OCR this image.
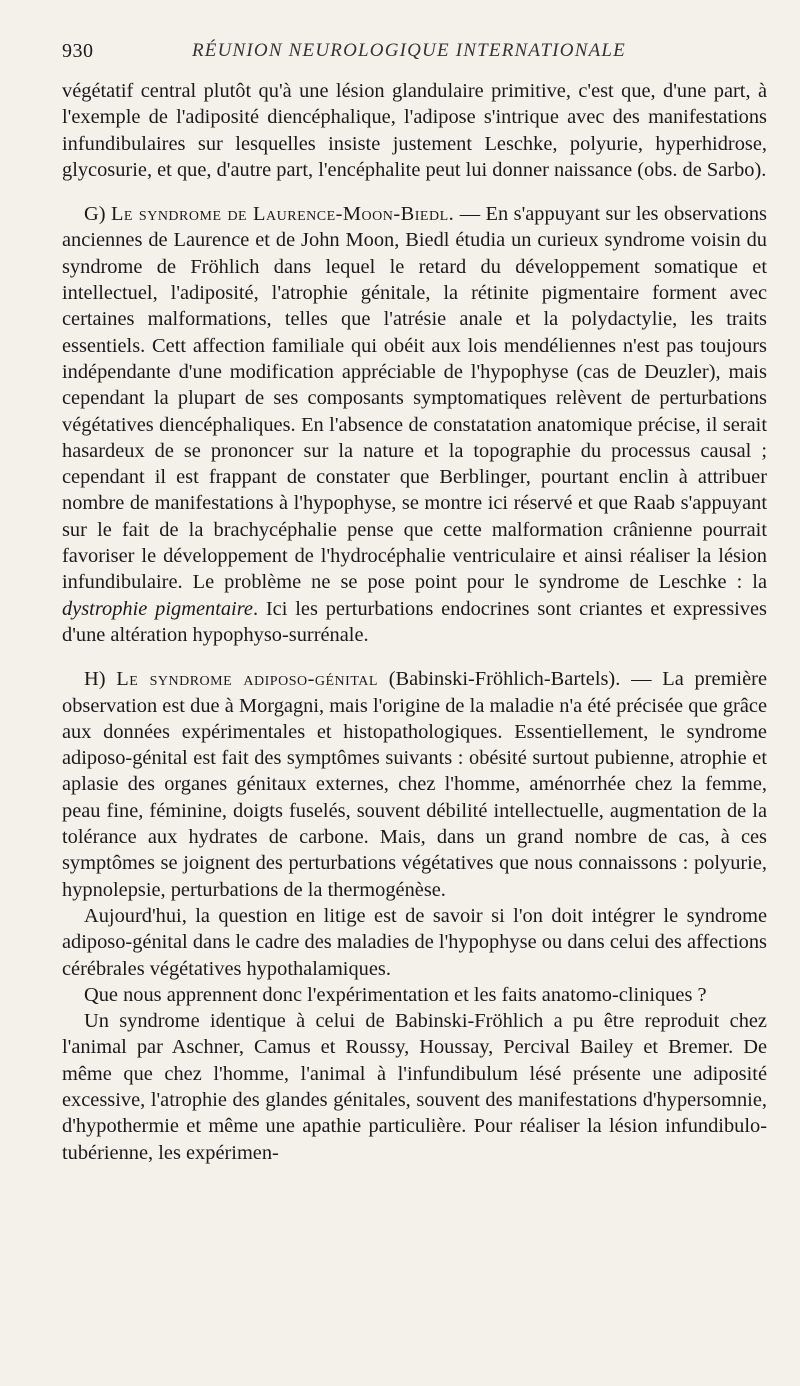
930	RÉUNION NEUROLOGIQUE INTERNATIONALE

végétatif central plutôt qu'à une lésion glandulaire primitive, c'est que, d'une part, à l'exemple de l'adiposité diencéphalique, l'adipose s'intrique avec des manifestations infundibulaires sur lesquelles insiste justement Leschke, polyurie, hyperhidrose, glycosurie, et que, d'autre part, l'encéphalite peut lui donner naissance (obs. de Sarbo).

G) Le syndrome de Laurence-Moon-Biedl. — En s'appuyant sur les observations anciennes de Laurence et de John Moon, Biedl étudia un curieux syndrome voisin du syndrome de Fröhlich dans lequel le retard du développement somatique et intellectuel, l'adiposité, l'atrophie génitale, la rétinite pigmentaire forment avec certaines malformations, telles que l'atrésie anale et la polydactylie, les traits essentiels. Cett affection familiale qui obéit aux lois mendéliennes n'est pas toujours indépendante d'une modification appréciable de l'hypophyse (cas de Deuzler), mais cependant la plupart de ses composants symptomatiques relèvent de perturbations végétatives diencéphaliques. En l'absence de constatation anatomique précise, il serait hasardeux de se prononcer sur la nature et la topographie du processus causal ; cependant il est frappant de constater que Berblinger, pourtant enclin à attribuer nombre de manifestations à l'hypophyse, se montre ici réservé et que Raab s'appuyant sur le fait de la brachycéphalie pense que cette malformation crânienne pourrait favoriser le développement de l'hydrocéphalie ventriculaire et ainsi réaliser la lésion infundibulaire. Le problème ne se pose point pour le syndrome de Leschke : la dystrophie pigmentaire. Ici les perturbations endocrines sont criantes et expressives d'une altération hypophyso-surrénale.

H) Le syndrome adiposo-génital (Babinski-Fröhlich-Bartels). — La première observation est due à Morgagni, mais l'origine de la maladie n'a été précisée que grâce aux données expérimentales et histopathologiques. Essentiellement, le syndrome adiposo-génital est fait des symptômes suivants : obésité surtout pubienne, atrophie et aplasie des organes génitaux externes, chez l'homme, aménorrhée chez la femme, peau fine, féminine, doigts fuselés, souvent débilité intellectuelle, augmentation de la tolérance aux hydrates de carbone. Mais, dans un grand nombre de cas, à ces symptômes se joignent des perturbations végétatives que nous connaissons : polyurie, hypnolepsie, perturbations de la thermogénèse.

Aujourd'hui, la question en litige est de savoir si l'on doit intégrer le syndrome adiposo-génital dans le cadre des maladies de l'hypophyse ou dans celui des affections cérébrales végétatives hypothalamiques.

Que nous apprennent donc l'expérimentation et les faits anatomo-cliniques ?

Un syndrome identique à celui de Babinski-Fröhlich a pu être reproduit chez l'animal par Aschner, Camus et Roussy, Houssay, Percival Bailey et Bremer. De même que chez l'homme, l'animal à l'infundibulum lésé présente une adiposité excessive, l'atrophie des glandes génitales, souvent des manifestations d'hypersomnie, d'hypothermie et même une apathie particulière. Pour réaliser la lésion infundibulo-tubérienne, les expérimen-
